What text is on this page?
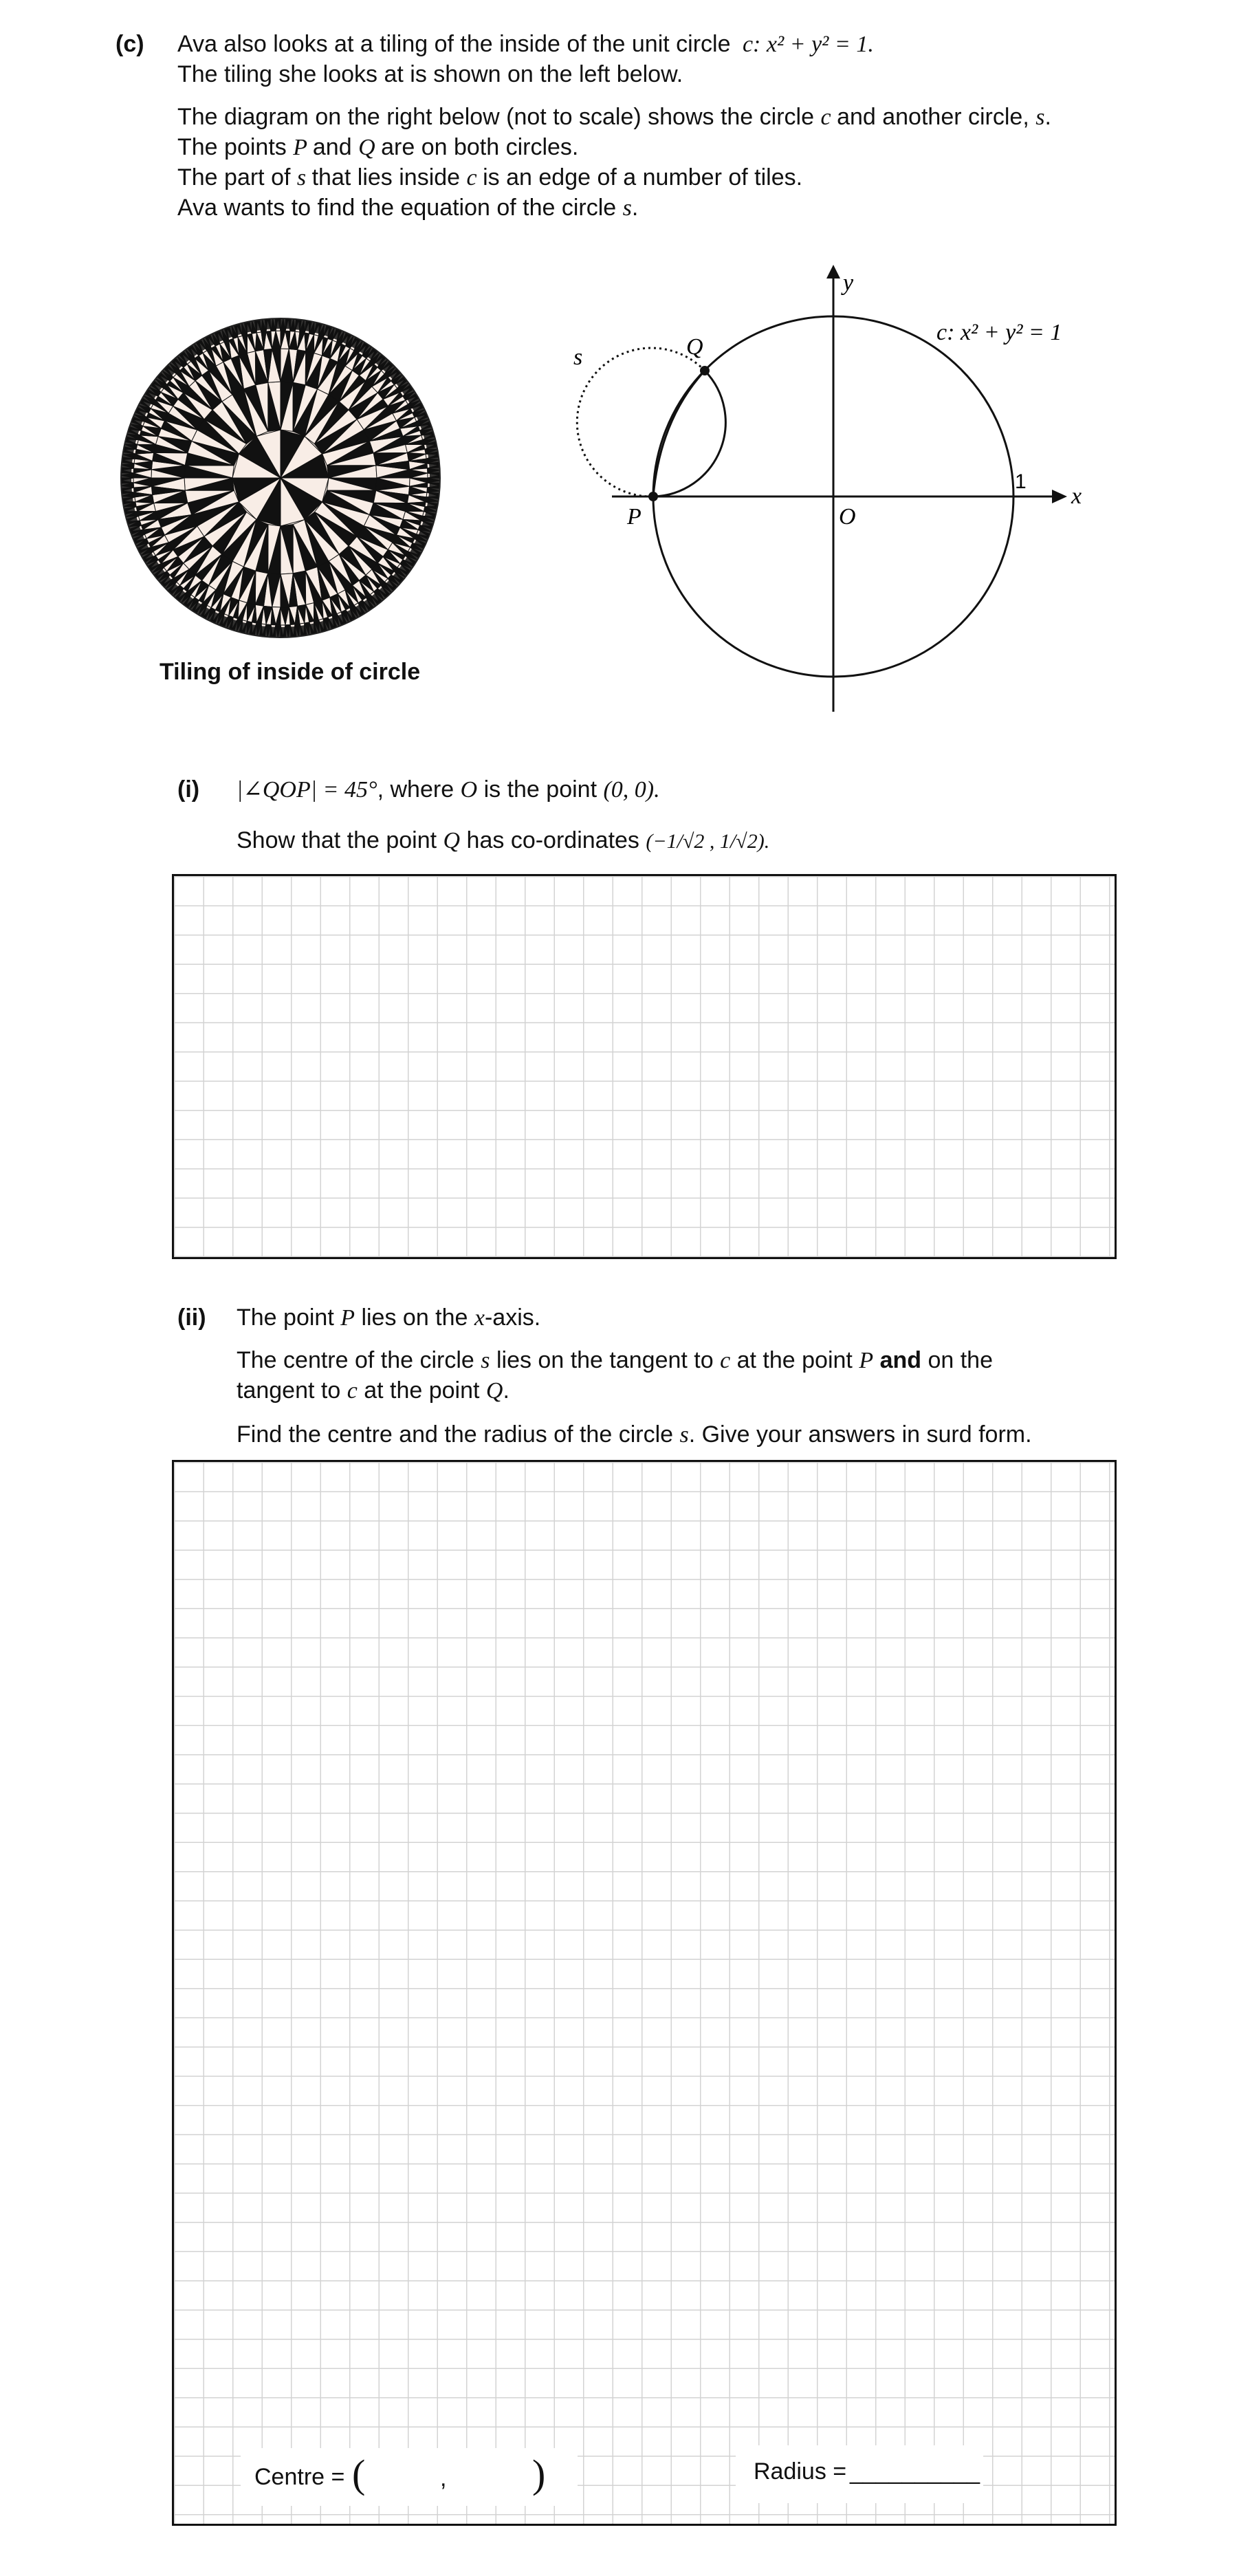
(c) Ava also looks at a tiling of the inside of the unit circle c: x² + y² = 1.
The tiling she looks at is shown on the left below.
The diagram on the right below (not to scale) shows the circle c and another circle, s.
The points P and Q are on both circles.
The part of s that lies inside c is an edge of a number of tiles.
Ava wants to find the equation of the circle s.
Tiling of inside of circle
s	Q
P	O
y
x
1
c: x² + y² = 1
(i) |∠QOP| = 45°, where O is the point (0, 0).
Show that the point Q has co-ordinates (−1/√2 , 1/√2).
(ii) The point P lies on the x-axis.
The centre of the circle s lies on the tangent to c at the point P and on the
tangent to c at the point Q.
Find the centre and the radius of the circle s. Give your answers in surd form.
Centre = (	, )	Radius = __________
